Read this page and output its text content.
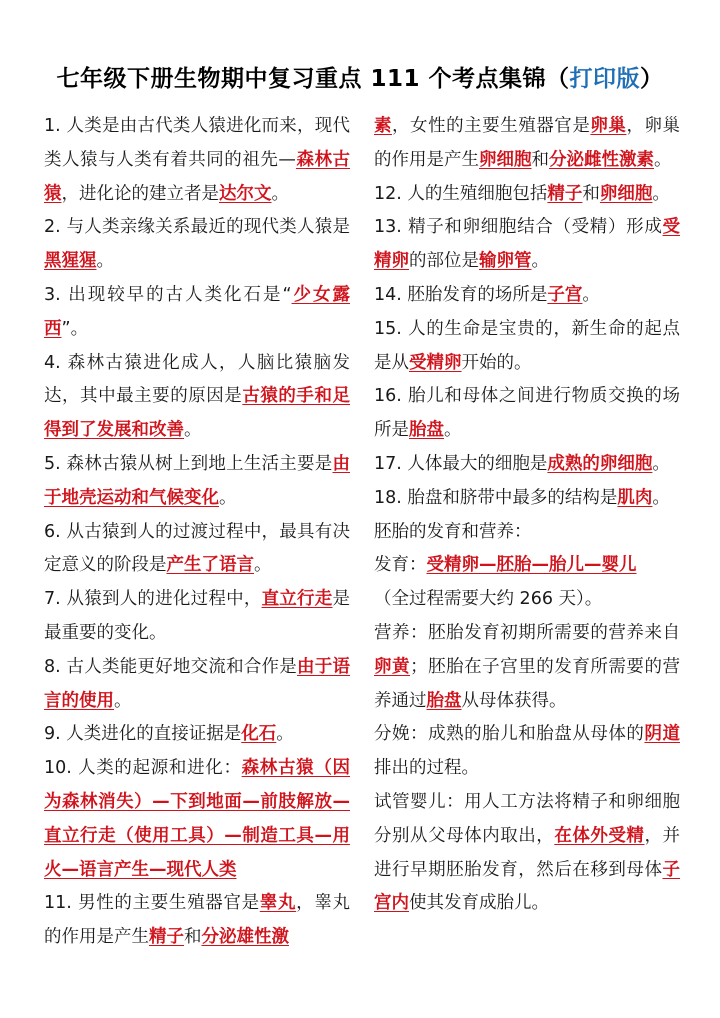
七年级下册生物期中复习重点 111 个考点集锦（打印版）

1. 人类是由古代类人猿进化而来，现代类人猿与人类有着共同的祖先—森林古猿，进化论的建立者是达尔文。

2. 与人类亲缘关系最近的现代类人猿是黑猩猩。

3. 出现较早的古人类化石是“少女露西”。

4. 森林古猿进化成人，人脑比猿脑发达，其中最主要的原因是古猿的手和足得到了发展和改善。

5. 森林古猿从树上到地上生活主要是由于地壳运动和气候变化。

6. 从古猿到人的过渡过程中，最具有决定意义的阶段是产生了语言。

7. 从猿到人的进化过程中，直立行走是最重要的变化。

8. 古人类能更好地交流和合作是由于语言的使用。

9. 人类进化的直接证据是化石。

10. 人类的起源和进化：森林古猿（因为森林消失）—下到地面—前肢解放—直立行走（使用工具）—制造工具—用火—语言产生—现代人类

11. 男性的主要生殖器官是睾丸，睾丸的作用是产生精子和分泌雄性激

素，女性的主要生殖器官是卵巢，卵巢的作用是产生卵细胞和分泌雌性激素。

12. 人的生殖细胞包括精子和卵细胞。

13. 精子和卵细胞结合（受精）形成受精卵的部位是输卵管。

14. 胚胎发育的场所是子宫。

15. 人的生命是宝贵的，新生命的起点是从受精卵开始的。

16. 胎儿和母体之间进行物质交换的场所是胎盘。

17. 人体最大的细胞是成熟的卵细胞。

18. 胎盘和脐带中最多的结构是肌肉。

胚胎的发育和营养：

发育：受精卵—胚胎—胎儿—婴儿

（全过程需要大约 266 天）。

营养：胚胎发育初期所需要的营养来自卵黄；胚胎在子宫里的发育所需要的营养通过胎盘从母体获得。

分娩：成熟的胎儿和胎盘从母体的阴道排出的过程。

试管婴儿：用人工方法将精子和卵细胞分别从父母体内取出，在体外受精，并进行早期胚胎发育，然后在移到母体子宫内使其发育成胎儿。
